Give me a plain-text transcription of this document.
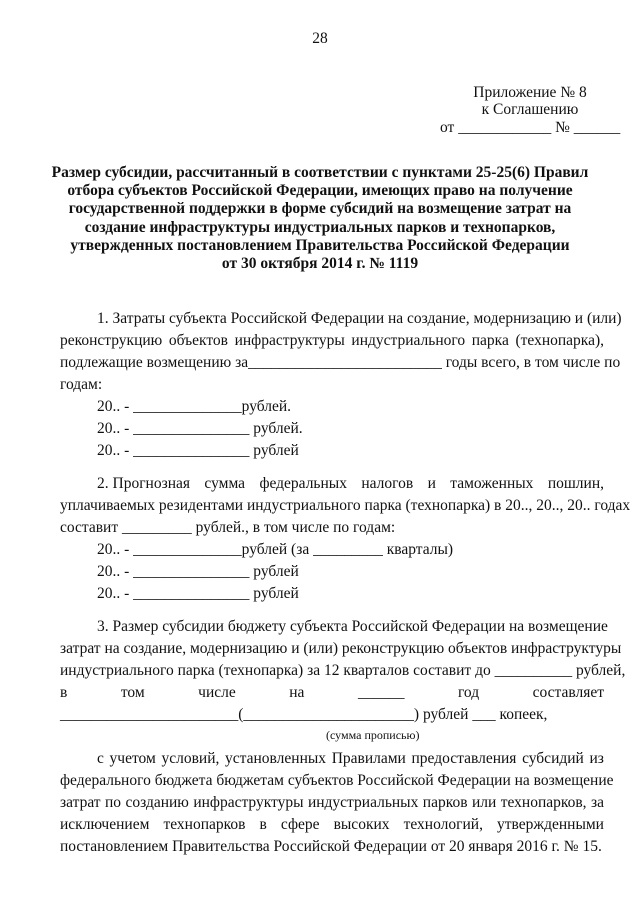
28
Приложение № 8
к Соглашению
от ____________ № ______
Размер субсидии, рассчитанный в соответствии с пунктами 25-25(6) Правил
отбора субъектов Российской Федерации, имеющих право на получение
государственной поддержки в форме субсидий на возмещение затрат на
создание инфраструктуры индустриальных парков и технопарков,
утвержденных постановлением Правительства Российской Федерации
от 30 октября 2014 г. № 1119
1. Затраты субъекта Российской Федерации на создание, модернизацию и (или)
реконструкцию объектов инфраструктуры индустриального парка (технопарка),
подлежащие возмещению за_________________________ годы всего, в том числе по
годам:
20.. - ______________рублей.
20.. - _______________ рублей.
20.. - _______________ рублей
2. Прогнозная сумма федеральных налогов и таможенных пошлин,
уплачиваемых резидентами индустриального парка (технопарка) в 20.., 20.., 20.. годах
составит _________ рублей., в том числе по годам:
20.. - ______________рублей (за _________ кварталы)
20.. - _______________ рублей
20.. - _______________ рублей
3. Размер субсидии бюджету субъекта Российской Федерации на возмещение
затрат на создание, модернизацию и (или) реконструкцию объектов инфраструктуры
индустриального парка (технопарка) за 12 кварталов составит до __________ рублей,
в	том	числе	на	______	год	составляет
_______________________(______________________) рублей ___ копеек,
(сумма прописью)
с учетом условий, установленных Правилами предоставления субсидий из
федерального бюджета бюджетам субъектов Российской Федерации на возмещение
затрат по созданию инфраструктуры индустриальных парков или технопарков, за
исключением технопарков в сфере высоких технологий, утвержденными
постановлением Правительства Российской Федерации от 20 января 2016 г. № 15.
